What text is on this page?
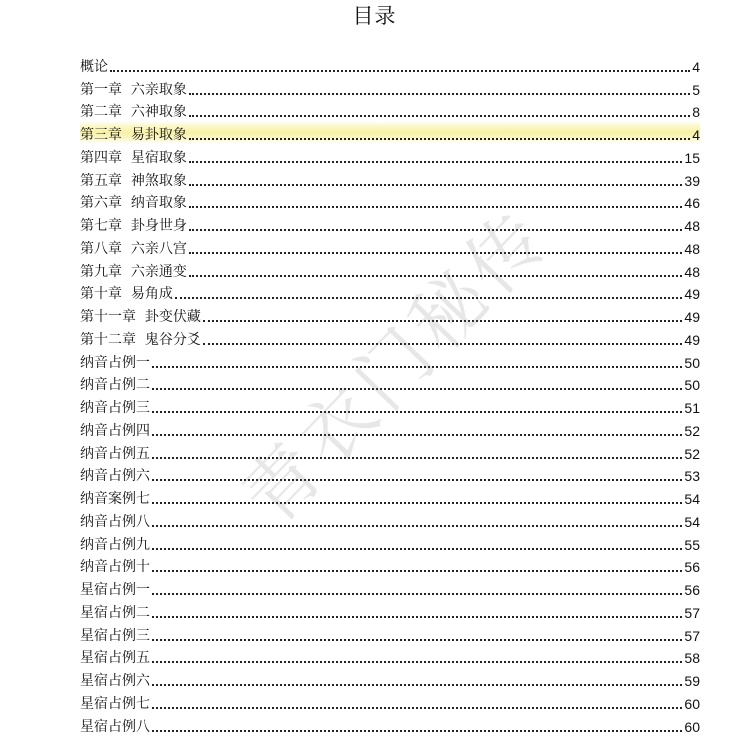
目录
概论	4
第一章  六亲取象	5
第二章  六神取象	8
第三章  易卦取象	4
第四章  星宿取象	15
第五章  神煞取象	39
第六章  纳音取象	46
第七章  卦身世身	48
第八章  六亲八宫	48
第九章  六亲通变	48
第十章  易角成	49
第十一章  卦变伏藏	49
第十二章  鬼谷分爻	49
纳音占例一	50
纳音占例二	50
纳音占例三	51
纳音占例四	52
纳音占例五	52
纳音占例六	53
纳音案例七	54
纳音占例八	54
纳音占例九	55
纳音占例十	56
星宿占例一	56
星宿占例二	57
星宿占例三	57
星宿占例五	58
星宿占例六	59
星宿占例七	60
星宿占例八	60
青衣门秘传
